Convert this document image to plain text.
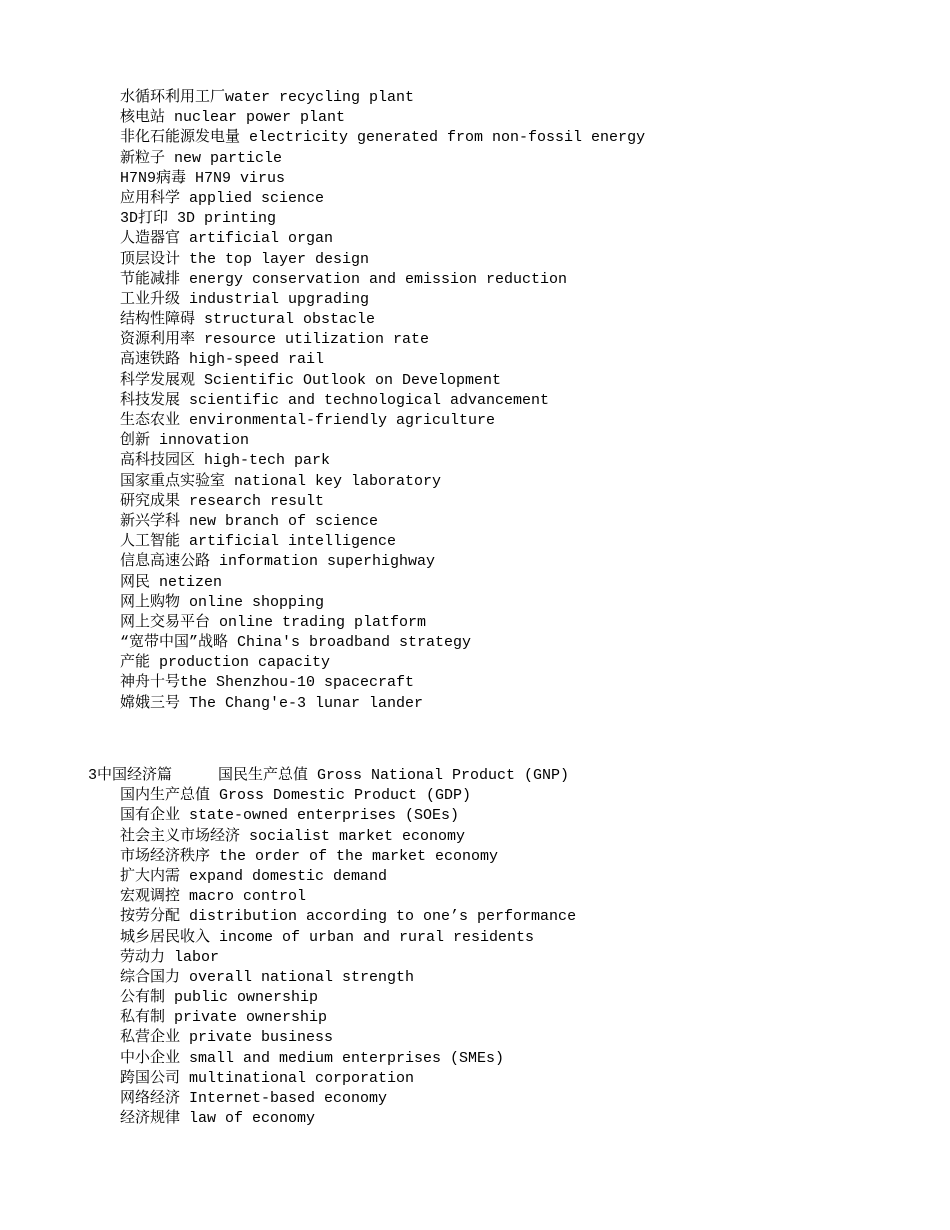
水循环利用工厂water recycling plant
核电站 nuclear power plant
非化石能源发电量 electricity generated from non-fossil energy
新粒子 new particle
H7N9病毒 H7N9 virus
应用科学 applied science
3D打印 3D printing
人造器官 artificial organ
顶层设计 the top layer design
节能减排 energy conservation and emission reduction
工业升级 industrial upgrading
结构性障碍 structural obstacle
资源利用率 resource utilization rate
高速铁路 high-speed rail
科学发展观 Scientific Outlook on Development
科技发展 scientific and technological advancement
生态农业 environmental-friendly agriculture
创新 innovation
高科技园区 high-tech park
国家重点实验室 national key laboratory
研究成果 research result
新兴学科 new branch of science
人工智能 artificial intelligence
信息高速公路 information superhighway
网民 netizen
网上购物 online shopping
网上交易平台 online trading platform
“宽带中国”战略 China's broadband strategy
产能 production capacity
神舟十号the Shenzhou-10 spacecraft
嫦娥三号 The Chang'e-3 lunar lander
3中国经济篇	国民生产总值 Gross National Product (GNP)
国内生产总值 Gross Domestic Product (GDP)
国有企业 state-owned enterprises (SOEs)
社会主义市场经济 socialist market economy
市场经济秩序 the order of the market economy
扩大内需 expand domestic demand
宏观调控 macro control
按劳分配 distribution according to one’s performance
城乡居民收入 income of urban and rural residents
劳动力 labor
综合国力 overall national strength
公有制 public ownership
私有制 private ownership
私营企业 private business
中小企业 small and medium enterprises (SMEs)
跨国公司 multinational corporation
网络经济 Internet-based economy
经济规律 law of economy
